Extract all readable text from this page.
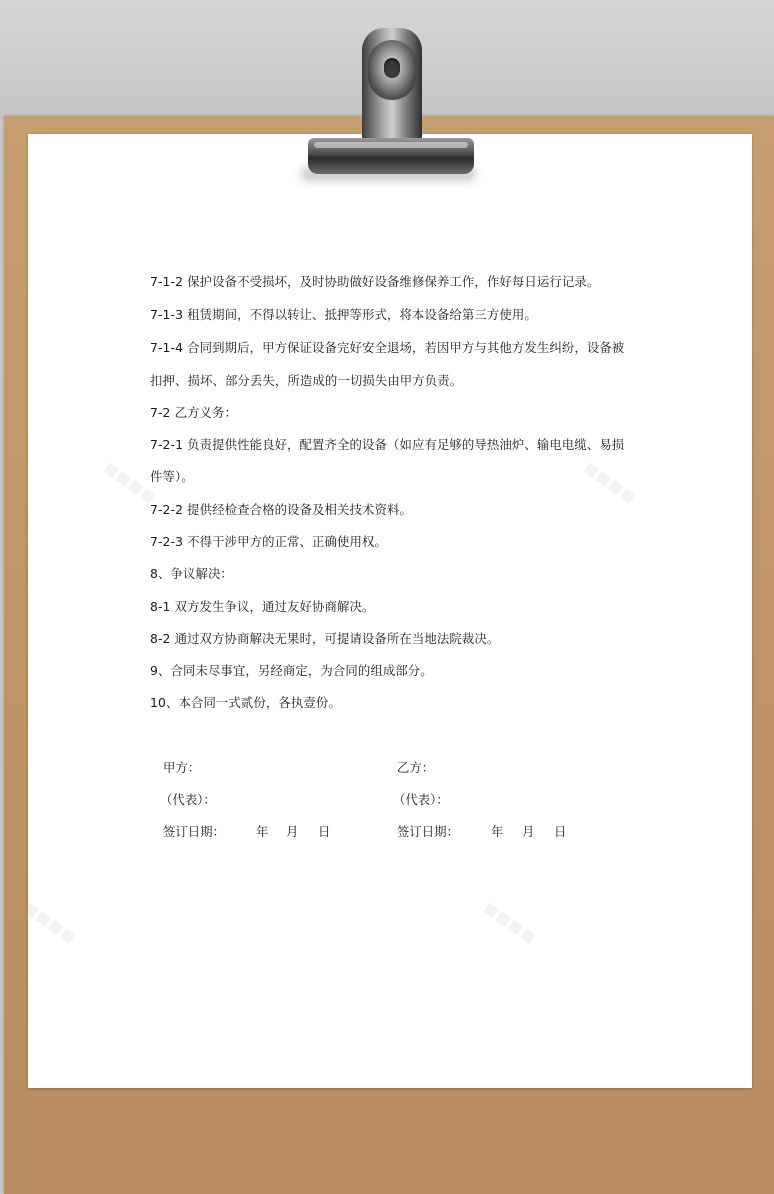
▪▪▪▪	▪▪▪▪
▪▪▪▪	▪▪▪▪
7-1-2 保护设备不受损坏，及时协助做好设备维修保养工作，作好每日运行记录。
7-1-3 租赁期间，不得以转让、抵押等形式，将本设备给第三方使用。
7-1-4 合同到期后，甲方保证设备完好安全退场，若因甲方与其他方发生纠纷，设备被
扣押、损坏、部分丢失，所造成的一切损失由甲方负责。
7-2 乙方义务：
7-2-1 负责提供性能良好，配置齐全的设备（如应有足够的导热油炉、输电电缆、易损
件等）。
7-2-2 提供经检查合格的设备及相关技术资料。
7-2-3 不得干涉甲方的正常、正确使用权。
8、争议解决：
8-1 双方发生争议，通过友好协商解决。
8-2 通过双方协商解决无果时，可提请设备所在当地法院裁决。
9、合同未尽事宜，另经商定，为合同的组成部分。
10、本合同一式贰份，各执壹份。
甲方：	乙方：
（代表）：	（代表）：
签订日期：	年 月 日	签订日期：	年 月 日
